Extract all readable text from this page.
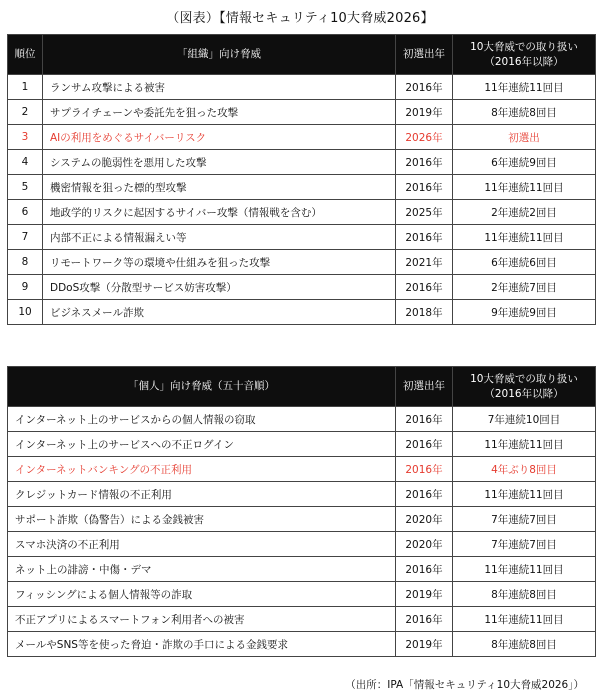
（図表）【情報セキュリティ10大脅威2026】
順位	「組織」向け脅威	初選出年	10大脅威での取り扱い
（2016年以降）

1	ランサム攻撃による被害	2016年	11年連続11回目
2	サプライチェーンや委託先を狙った攻撃	2019年	8年連続8回目
3	AIの利用をめぐるサイバーリスク	2026年	初選出
4	システムの脆弱性を悪用した攻撃	2016年	6年連続9回目
5	機密情報を狙った標的型攻撃	2016年	11年連続11回目
6	地政学的リスクに起因するサイバー攻撃（情報戦を含む）	2025年	2年連続2回目
7	内部不正による情報漏えい等	2016年	11年連続11回目
8	リモートワーク等の環境や仕組みを狙った攻撃	2021年	6年連続6回目
9	DDoS攻撃（分散型サービス妨害攻撃）	2016年	2年連続7回目
10	ビジネスメール詐欺	2018年	9年連続9回目
「個人」向け脅威（五十音順）	初選出年	10大脅威での取り扱い
（2016年以降）

インターネット上のサービスからの個人情報の窃取	2016年	7年連続10回目
インターネット上のサービスへの不正ログイン	2016年	11年連続11回目
インターネットバンキングの不正利用	2016年	4年ぶり8回目
クレジットカード情報の不正利用	2016年	11年連続11回目
サポート詐欺（偽警告）による金銭被害	2020年	7年連続7回目
スマホ決済の不正利用	2020年	7年連続7回目
ネット上の誹謗・中傷・デマ	2016年	11年連続11回目
フィッシングによる個人情報等の詐取	2019年	8年連続8回目
不正アプリによるスマートフォン利用者への被害	2016年	11年連続11回目
メールやSNS等を使った脅迫・詐欺の手口による金銭要求	2019年	8年連続8回目
（出所：IPA「情報セキュリティ10大脅威2026」）
